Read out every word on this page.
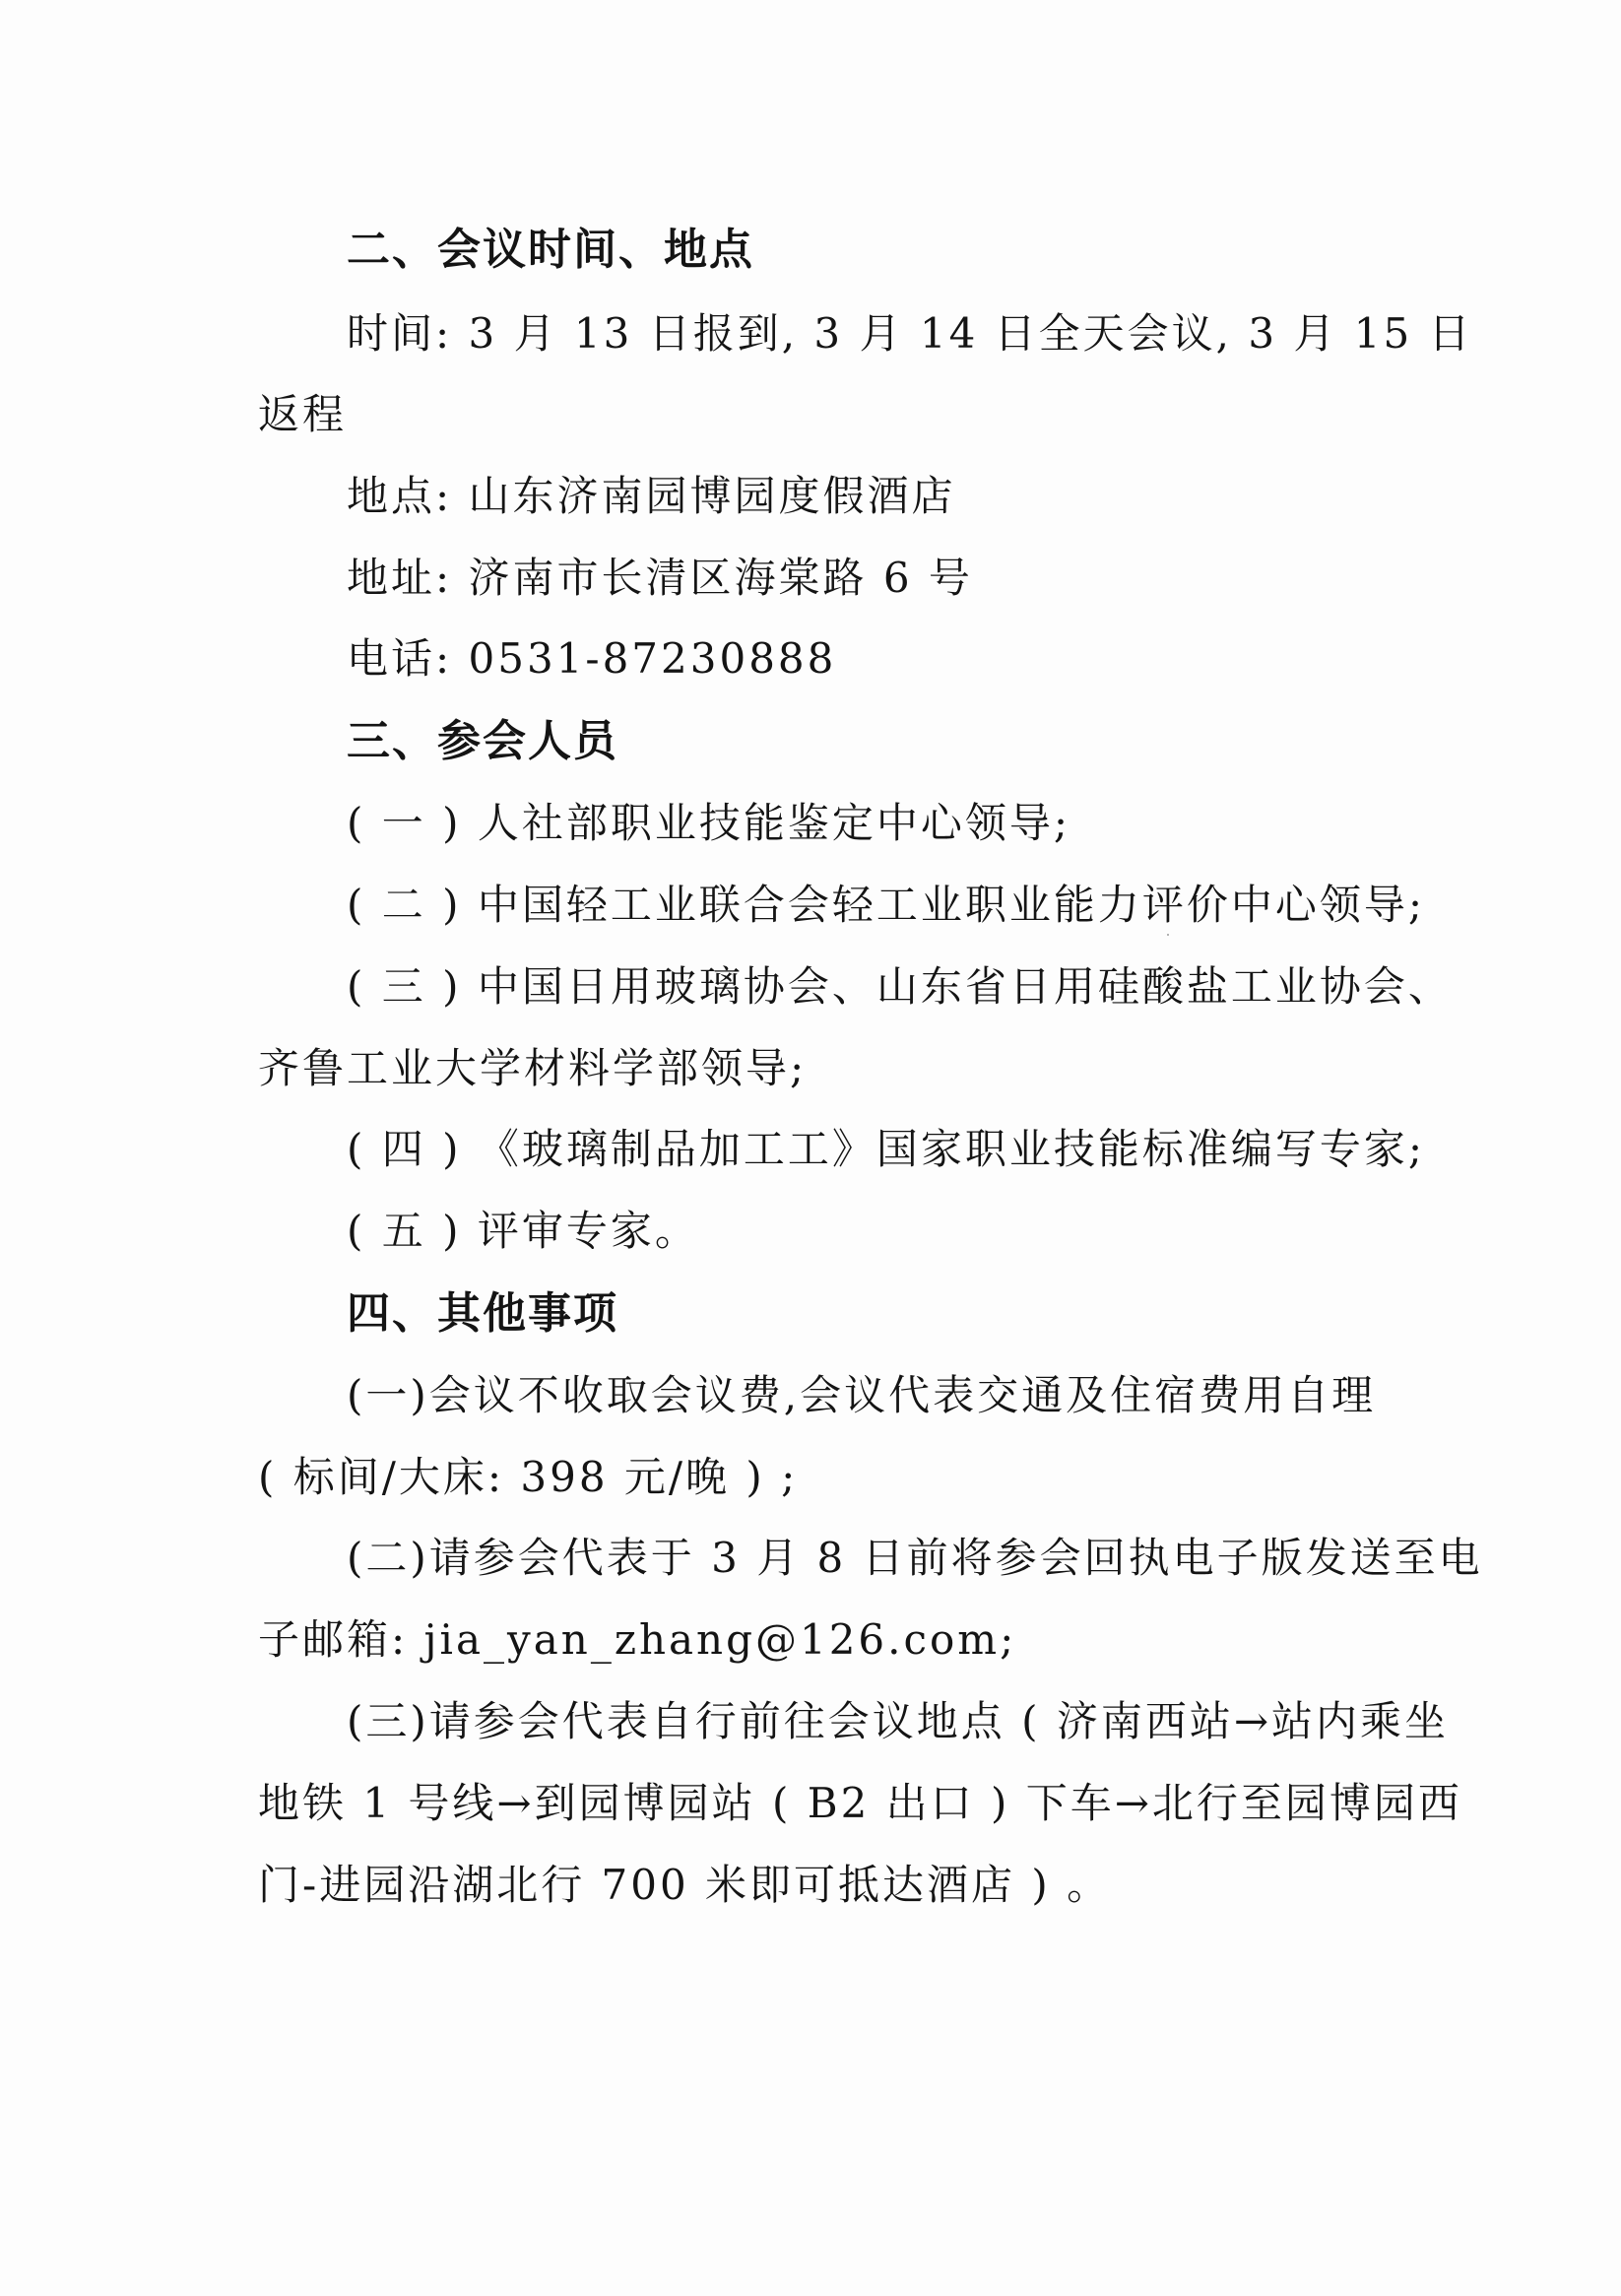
二、会议时间、地点
时间: 3 月 13 日报到, 3 月 14 日全天会议, 3 月 15 日
返程
地点: 山东济南园博园度假酒店
地址: 济南市长清区海棠路 6 号
电话: 0531-87230888
三、参会人员
( 一 ) 人社部职业技能鉴定中心领导;
( 二 ) 中国轻工业联合会轻工业职业能力评价中心领导;
( 三 ) 中国日用玻璃协会、山东省日用硅酸盐工业协会、
齐鲁工业大学材料学部领导;
( 四 ) 《玻璃制品加工工》国家职业技能标准编写专家;
( 五 ) 评审专家。
四、其他事项
(一)会议不收取会议费,会议代表交通及住宿费用自理
( 标间/大床: 398 元/晚 ) ;
(二)请参会代表于 3 月 8 日前将参会回执电子版发送至电
子邮箱: jia_yan_zhang@126.com;
(三)请参会代表自行前往会议地点 ( 济南西站→站内乘坐
地铁 1 号线→到园博园站 ( B2 出口 ) 下车→北行至园博园西
门-进园沿湖北行 700 米即可抵达酒店 ) 。
